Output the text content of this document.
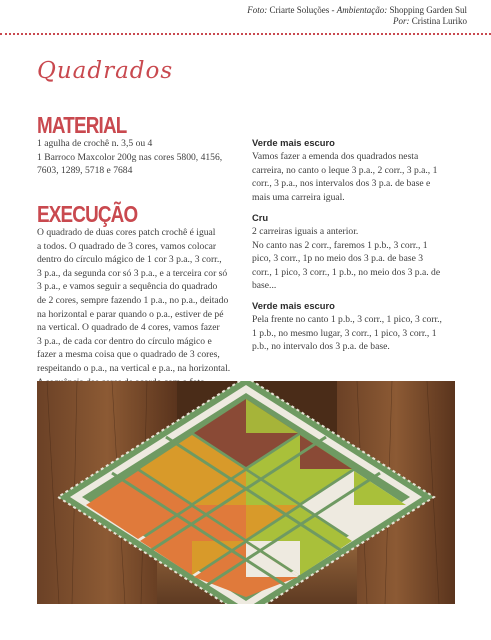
Foto: Criarte Soluções - Ambientação: Shopping Garden Sul
Por: Cristina Luriko
Quadrados
MATERIAL
1 agulha de crochê n. 3,5 ou 4
1 Barroco Maxcolor 200g nas cores 5800, 4156,
7603, 1289, 5718 e 7684
EXECUÇÃO
O quadrado de duas cores patch crochê é igual
a todos. O quadrado de 3 cores, vamos colocar
dentro do círculo mágico de 1 cor 3 p.a., 3 corr.,
3 p.a., da segunda cor só 3 p.a., e a terceira cor só
3 p.a., e vamos seguir a sequência do quadrado
de 2 cores, sempre fazendo 1 p.a., no p.a., deitado
na horizontal e parar quando o p.a., estiver de pé
na vertical. O quadrado de 4 cores, vamos fazer
3 p.a., de cada cor dentro do círculo mágico e
fazer a mesma coisa que o quadrado de 3 cores,
respeitando o p.a., na vertical e p.a., na horizontal.
Verde mais escuro
Vamos fazer a emenda dos quadrados nesta
carreira, no canto o leque 3 p.a., 2 corr., 3 p.a., 1
corr., 3 p.a., nos intervalos dos 3 p.a. de base e
mais uma carreira igual.
Cru
2 carreiras iguais a anterior.
No canto nas 2 corr., faremos 1 p.b., 3 corr., 1
pico, 3 corr., 1p no meio dos 3 p.a. de base 3
corr., 1 pico, 3 corr., 1 p.b., no meio dos 3 p.a. de
base...
Verde mais escuro
Pela frente no canto 1 p.b., 3 corr., 1 pico, 3 corr.,
1 p.b., no mesmo lugar, 3 corr., 1 pico, 3 corr., 1
p.b., no intervalo dos 3 p.a. de base.
